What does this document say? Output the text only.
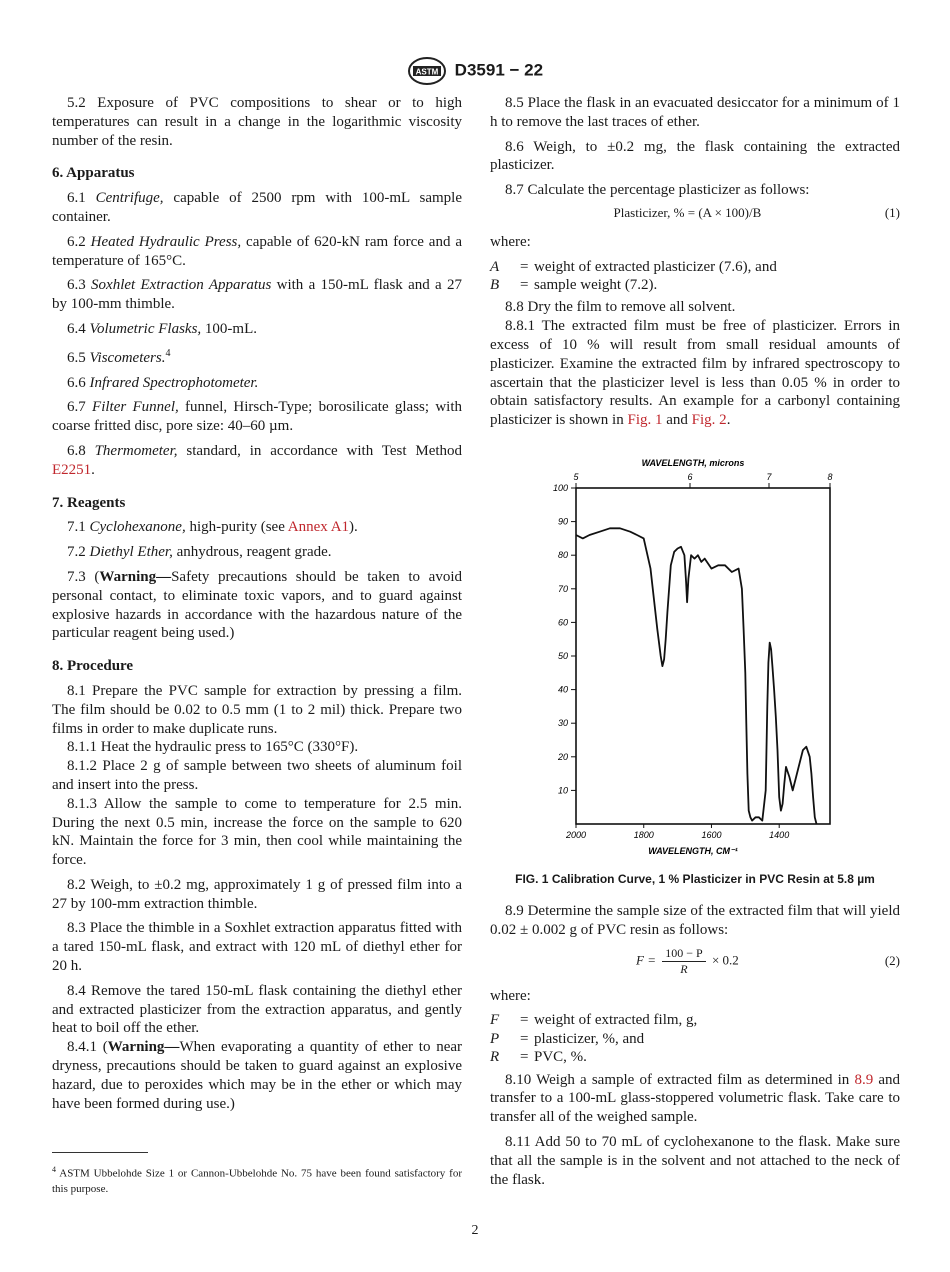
ASTM D3591 − 22

5.2 Exposure of PVC compositions to shear or to high temperatures can result in a change in the logarithmic viscosity number of the resin.

6. Apparatus

6.1 Centrifuge, capable of 2500 rpm with 100-mL sample container.

6.2 Heated Hydraulic Press, capable of 620-kN ram force and a temperature of 165°C.

6.3 Soxhlet Extraction Apparatus with a 150-mL flask and a 27 by 100-mm thimble.

6.4 Volumetric Flasks, 100-mL.

6.5 Viscometers.$^4$

6.6 Infrared Spectrophotometer.

6.7 Filter Funnel, funnel, Hirsch-Type; borosilicate glass; with coarse fritted disc, pore size: 40–60 µm.

6.8 Thermometer, standard, in accordance with Test Method E2251.

7. Reagents

7.1 Cyclohexanone, high-purity (see Annex A1).

7.2 Diethyl Ether, anhydrous, reagent grade.

7.3 (Warning—Safety precautions should be taken to avoid personal contact, to eliminate toxic vapors, and to guard against explosive hazards in accordance with the hazardous nature of the particular reagent being used.)

8. Procedure

8.1 Prepare the PVC sample for extraction by pressing a film. The film should be 0.02 to 0.5 mm (1 to 2 mil) thick. Prepare two films in order to make duplicate runs.

8.1.1 Heat the hydraulic press to 165°C (330°F).

8.1.2 Place 2 g of sample between two sheets of aluminum foil and insert into the press.

8.1.3 Allow the sample to come to temperature for 2.5 min. During the next 0.5 min, increase the force on the sample to 620 kN. Maintain the force for 3 min, then cool while maintaining the force.

8.2 Weigh, to ±0.2 mg, approximately 1 g of pressed film into a 27 by 100-mm extraction thimble.

8.3 Place the thimble in a Soxhlet extraction apparatus fitted with a tared 150-mL flask, and extract with 120 mL of diethyl ether for 20 h.

8.4 Remove the tared 150-mL flask containing the diethyl ether and extracted plasticizer from the extraction apparatus, and gently heat to boil off the ether.

8.4.1 (Warning—When evaporating a quantity of ether to near dryness, precautions should be taken to guard against an explosive hazard, due to peroxides which may be in the ether or which may have been formed during use.)

$^4$ ASTM Ubbelohde Size 1 or Cannon-Ubbelohde No. 75 have been found satisfactory for this purpose.

8.5 Place the flask in an evacuated desiccator for a minimum of 1 h to remove the last traces of ether.

8.6 Weigh, to ±0.2 mg, the flask containing the extracted plasticizer.

8.7 Calculate the percentage plasticizer as follows:

Plasticizer, % = (A × 100)/B	(1)
where:
A	= weight of extracted plasticizer (7.6), and
B	= sample weight (7.2).

8.8 Dry the film to remove all solvent.

8.8.1 The extracted film must be free of plasticizer. Errors in excess of 10 % will result from small residual amounts of plasticizer. Examine the extracted film by infrared spectroscopy to ascertain that the plasticizer level is less than 0.05 % in order to obtain satisfactory results. An example for a carbonyl containing plasticizer is shown in Fig. 1 and Fig. 2.

WAVELENGTH, microns
5	6	7	8
100
90
80
70
60
50
40
30
20
10
2000	1800	1600	1400
WAVELENGTH, CM⁻¹
FIG. 1 Calibration Curve, 1 % Plasticizer in PVC Resin at 5.8 µm

8.9 Determine the sample size of the extracted film that will yield 0.02 ± 0.002 g of PVC resin as follows:

$F = \frac{100 - P}{R} \times 0.2$	(2)
where:
F	= weight of extracted film, g,
P	= plasticizer, %, and
R	= PVC, %.

8.10 Weigh a sample of extracted film as determined in 8.9 and transfer to a 100-mL glass-stoppered volumetric flask. Take care to transfer all of the weighed sample.

8.11 Add 50 to 70 mL of cyclohexanone to the flask. Make sure that all the sample is in the solvent and not attached to the neck of the flask.

2
